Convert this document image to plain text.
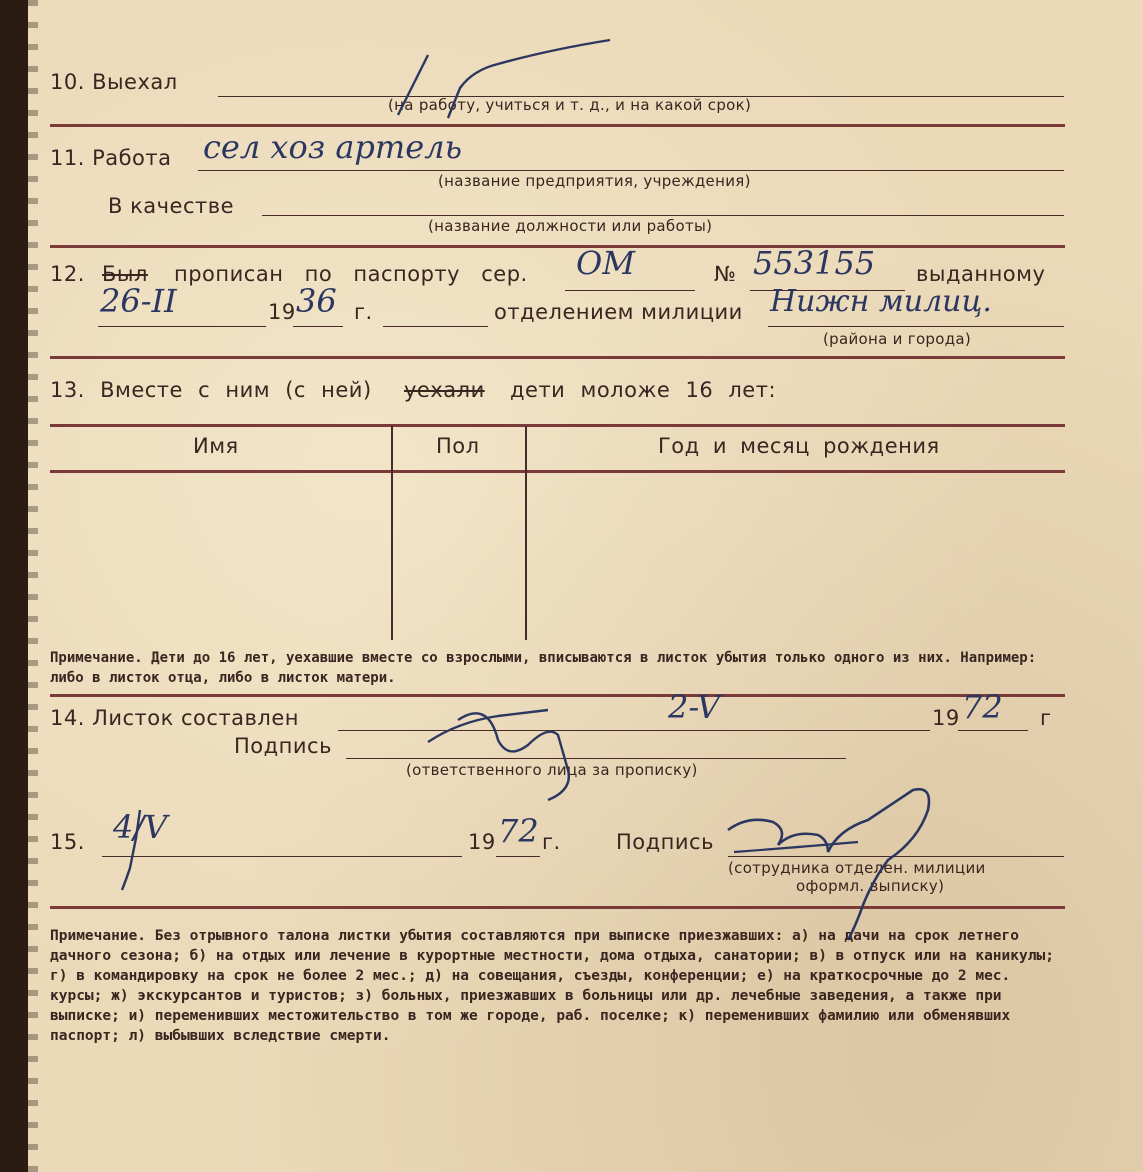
10. Выехал
(на работу, учиться и т. д., и на какой срок)
11. Работа сел хоз артель
(название предприятия, учреждения)
В качестве
(название должности или работы)
12. Был прописан по паспорту сер. ОМ	№ 553155 выданному
26-II	19 36 г.	отделением милиции Нижн милиц.
(района и города)
13. Вместе с ним (с ней) уехали дети моложе 16 лет:
Имя	Пол	Год и месяц рождения
Примечание. Дети до 16 лет, уехавшие вместе со взрослыми, вписываются в листок убытия только одного из них. Например: либо в листок отца, либо в листок матери.
14. Листок составлен	2-V	19 72 г
Подпись
(ответственного лица за прописку)
15. 4/V	19 72 г.	Подпись
(сотрудника отделен. милиции
оформл. выписку)
Примечание. Без отрывного талона листки убытия составляются при выписке приезжавших: а) на дачи на срок летнего дачного сезона; б) на отдых или лечение в курортные местности, дома отдыха, санатории; в) в отпуск или на каникулы; г) в командировку на срок не более 2 мес.; д) на совещания, съезды, конференции; е) на краткосрочные до 2 мес. курсы; ж) экскурсантов и туристов; з) больных, приезжавших в больницы или др. лечебные заведения, а также при выписке; и) переменивших местожительство в том же городе, раб. поселке; к) переменивших фамилию или обменявших паспорт; л) выбывших вследствие смерти.
